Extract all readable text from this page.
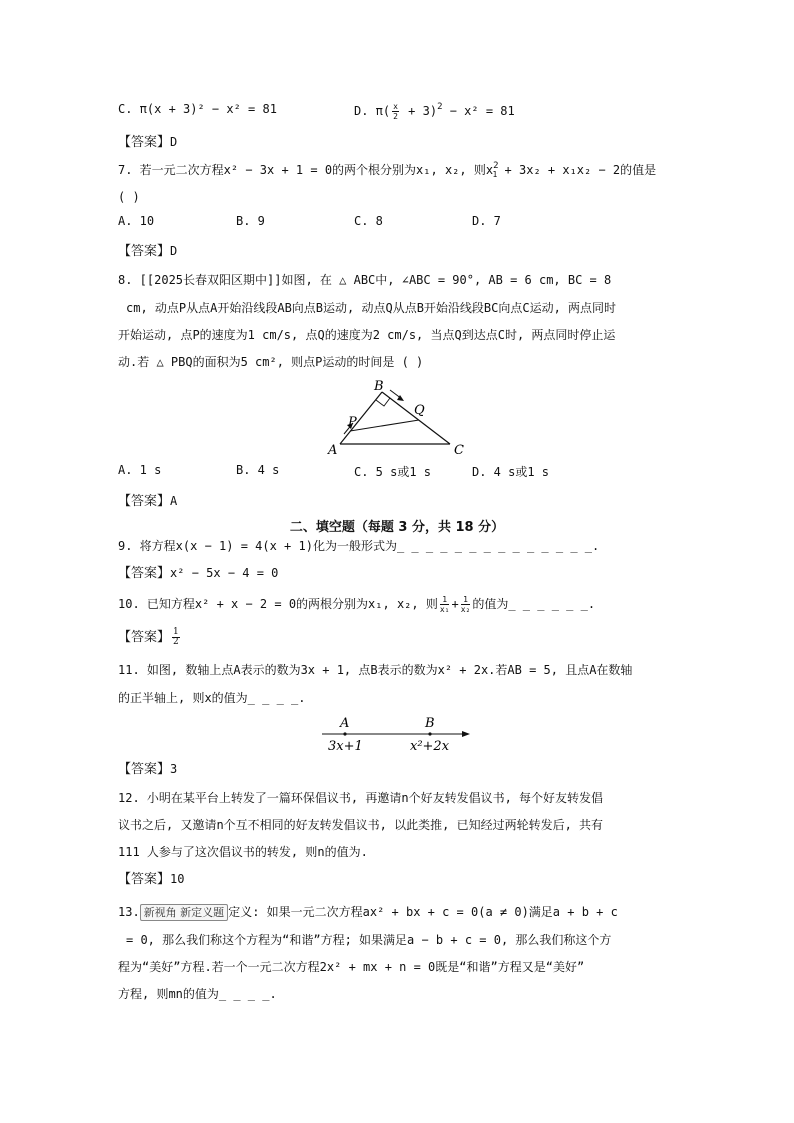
C. π(x + 3)² − x² = 81	D. $\pi( \frac{x}{2} + 3)^2 - x^2 = 81$
【答案】D
7. 若一元二次方程x² − 3x + 1 = 0的两个根分别为x₁, x₂, 则$x^2_1 + 3x_2 + x_1x_2 - 2$的值是
( )
A. 10	B. 9	C. 8	D. 7
【答案】D
8. [[2025长春双阳区期中]]如图, 在 △ ABC中, ∠ABC = 90°, AB = 6 cm, BC = 8
cm, 动点P从点A开始沿线段AB向点B运动, 动点Q从点B开始沿线段BC向点C运动, 两点同时
开始运动, 点P的速度为1 cm/s, 点Q的速度为2 cm/s, 当点Q到达点C时, 两点同时停止运
动.若 △ PBQ的面积为5 cm², 则点P运动的时间是 ( )
B
Q
P
A	C
A. 1 s	B. 4 s	C. 5 s或1 s	D. 4 s或1 s
【答案】A
二、填空题（每题 3 分，共 18 分）
9. 将方程x(x − 1) = 4(x + 1)化为一般形式为_ _ _ _ _ _ _ _ _ _ _ _ _ _.
【答案】x² − 5x − 4 = 0
10. 已知方程x² + x − 2 = 0的两根分别为x₁, x₂, 则 $\frac{1}{\text{x₁}} + \frac{1}{\text{x₂}}$ 的值为_ _ _ _ _ _.
【答案】 $\frac{1}{2}$
11. 如图, 数轴上点A表示的数为3x + 1, 点B表示的数为x² + 2x.若AB = 5, 且点A在数轴
的正半轴上, 则x的值为_ _ _ _.
A	B
3x+1	x²+2x
【答案】3
12. 小明在某平台上转发了一篇环保倡议书, 再邀请n个好友转发倡议书, 每个好友转发倡
议书之后, 又邀请n个互不相同的好友转发倡议书, 以此类推, 已知经过两轮转发后, 共有
111 人参与了这次倡议书的转发, 则n的值为.
【答案】10
13. 新视角 新定义题 定义: 如果一元二次方程ax² + bx + c = 0(a ≠ 0)满足a + b + c
= 0, 那么我们称这个方程为“和谐”方程; 如果满足a − b + c = 0, 那么我们称这个方
程为“美好”方程.若一个一元二次方程2x² + mx + n = 0既是“和谐”方程又是“美好”
方程, 则mn的值为_ _ _ _.
